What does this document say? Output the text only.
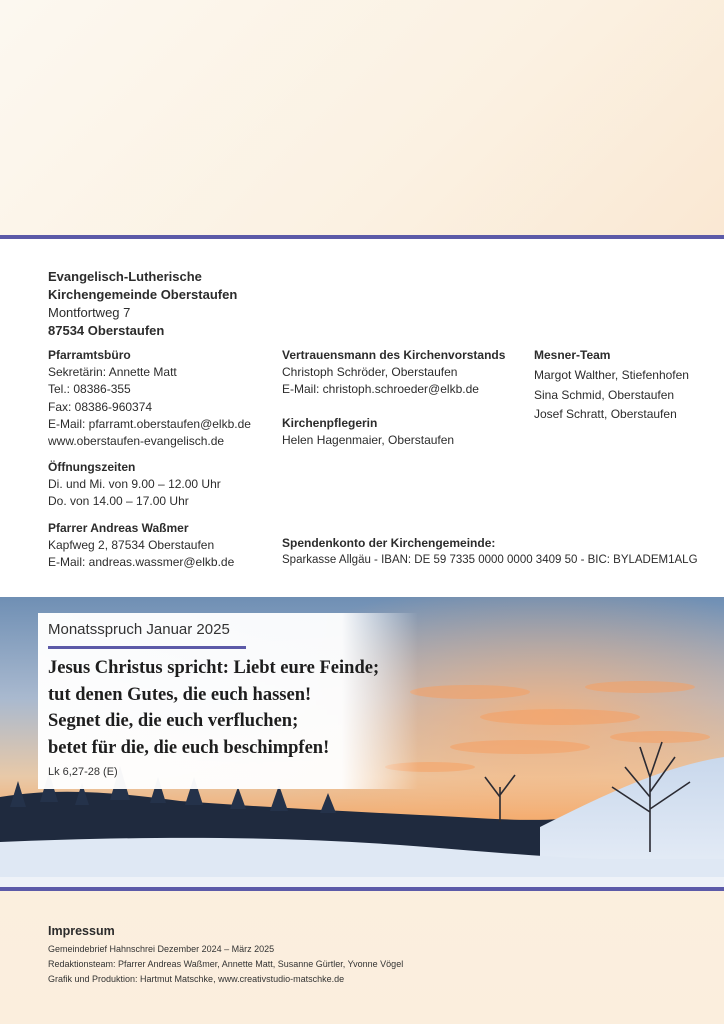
Evangelisch-Lutherische
Kirchengemeinde Oberstaufen
Montfortweg 7
87534 Oberstaufen
Pfarramtsbüro
Sekretärin: Annette Matt
Tel.: 08386-355
Fax: 08386-960374
E-Mail: pfarramt.oberstaufen@elkb.de
www.oberstaufen-evangelisch.de
Öffnungszeiten
Di. und Mi. von 9.00 – 12.00 Uhr
Do. von 14.00 – 17.00 Uhr
Pfarrer Andreas Waßmer
Kapfweg 2, 87534 Oberstaufen
E-Mail: andreas.wassmer@elkb.de
Vertrauensmann des Kirchenvorstands
Christoph Schröder, Oberstaufen
E-Mail: christoph.schroeder@elkb.de
Kirchenpflegerin
Helen Hagenmaier, Oberstaufen
Mesner-Team
Margot Walther, Stiefenhofen
Sina Schmid, Oberstaufen
Josef Schratt, Oberstaufen
Spendenkonto der Kirchengemeinde:
Sparkasse Allgäu - IBAN: DE 59 7335 0000 0000 3409 50 - BIC: BYLADEM1ALG
Monatsspruch Januar 2025
Jesus Christus spricht: Liebt eure Feinde;
tut denen Gutes, die euch hassen!
Segnet die, die euch verfluchen;
betet für die, die euch beschimpfen!
Lk 6,27-28 (E)
Impressum
Gemeindebrief Hahnschrei Dezember 2024 – März 2025
Redaktionsteam: Pfarrer Andreas Waßmer, Annette Matt, Susanne Gürtler, Yvonne Vögel
Grafik und Produktion: Hartmut Matschke, www.creativstudio-matschke.de
